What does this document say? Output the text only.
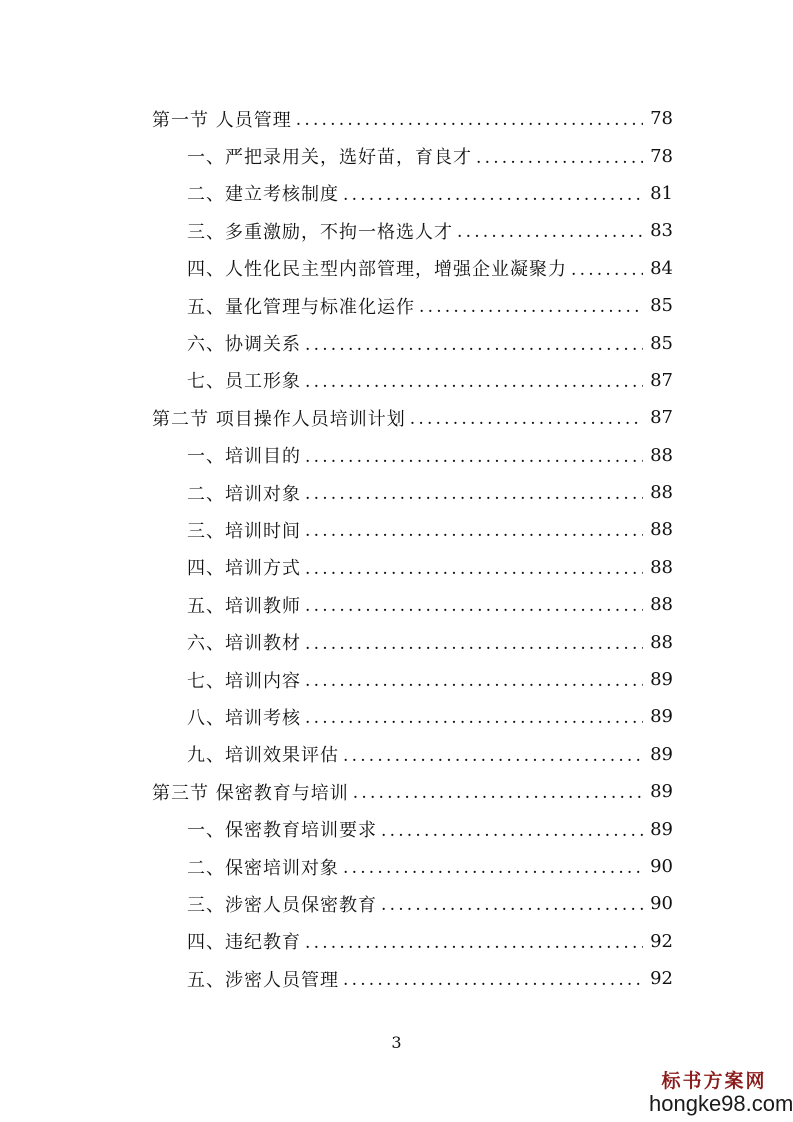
第一节 人员管理 .....	78
一、严把录用关，选好苗，育良才 .....	78
二、建立考核制度 .....	81
三、多重激励，不拘一格选人才 .....	83
四、人性化民主型内部管理，增强企业凝聚力 .....	84
五、量化管理与标准化运作 .....	85
六、协调关系 .....	85
七、员工形象 .....	87
第二节 项目操作人员培训计划 .....	87
一、培训目的 .....	88
二、培训对象 .....	88
三、培训时间 .....	88
四、培训方式 .....	88
五、培训教师 .....	88
六、培训教材 .....	88
七、培训内容 .....	89
八、培训考核 .....	89
九、培训效果评估 .....	89
第三节 保密教育与培训 .....	89
一、保密教育培训要求 .....	89
二、保密培训对象 .....	90
三、涉密人员保密教育 .....	90
四、违纪教育 .....	92
五、涉密人员管理 .....	92
3
标书方案网
hongke98.com
